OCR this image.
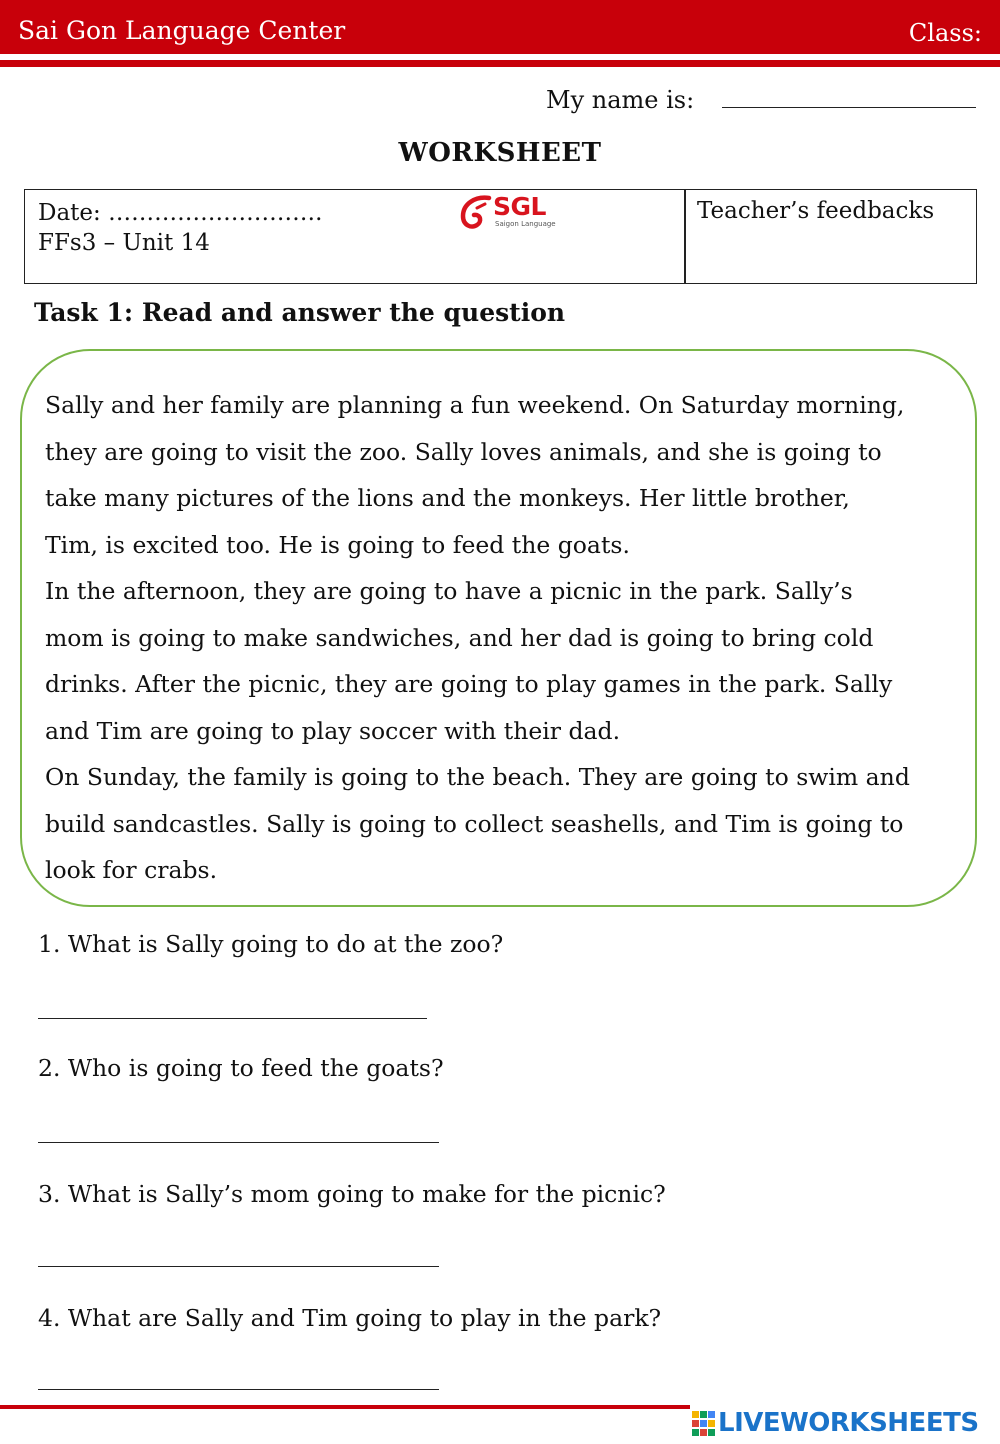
Sai Gon Language Center	Class:
My name is:
WORKSHEET
Date: ……………………….
FFs3 – Unit 14
SGL
Saigon Language	Teacher’s feedbacks
Task 1: Read and answer the question

Sally and her family are planning a fun weekend. On Saturday morning,

they are going to visit the zoo. Sally loves animals, and she is going to

take many pictures of the lions and the monkeys. Her little brother,

Tim, is excited too. He is going to feed the goats.

In the afternoon, they are going to have a picnic in the park. Sally’s

mom is going to make sandwiches, and her dad is going to bring cold

drinks. After the picnic, they are going to play games in the park. Sally

and Tim are going to play soccer with their dad.

On Sunday, the family is going to the beach. They are going to swim and

build sandcastles. Sally is going to collect seashells, and Tim is going to

look for crabs.

1. What is Sally going to do at the zoo?
2. Who is going to feed the goats?
3. What is Sally’s mom going to make for the picnic?
4. What are Sally and Tim going to play in the park?
LIVEWORKSHEETS
